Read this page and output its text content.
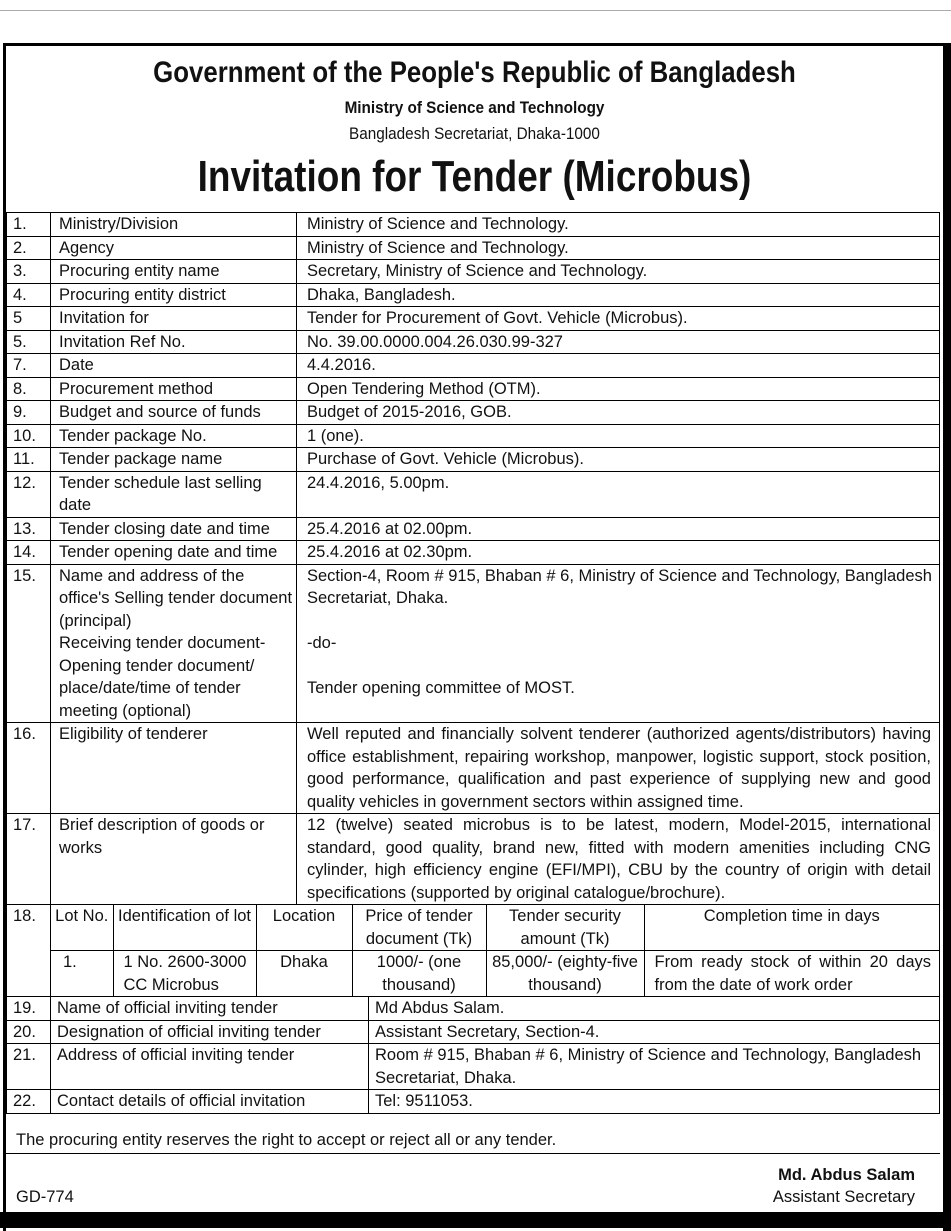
Government of the People's Republic of Bangladesh
Ministry of Science and Technology
Bangladesh Secretariat, Dhaka-1000
Invitation for Tender (Microbus)
1.	Ministry/Division	Ministry of Science and Technology.
2.	Agency	Ministry of Science and Technology.
3.	Procuring entity name	Secretary, Ministry of Science and Technology.
4.	Procuring entity district	Dhaka, Bangladesh.
5	Invitation for	Tender for Procurement of Govt. Vehicle (Microbus).
5.	Invitation Ref No.	No. 39.00.0000.004.26.030.99-327
7.	Date	4.4.2016.
8.	Procurement method	Open Tendering Method (OTM).
9.	Budget and source of funds	Budget of 2015-2016, GOB.
10.	Tender package No.	1 (one).
11.	Tender package name	Purchase of Govt. Vehicle (Microbus).
12.	Tender schedule last selling date	24.4.2016, 5.00pm.
13.	Tender closing date and time	25.4.2016 at 02.00pm.
14.	Tender opening date and time	25.4.2016 at 02.30pm.
15.	Name and address of the office's Selling tender document (principal)
Receiving tender document-
Opening tender document/ place/date/time of tender meeting (optional)	Section-4, Room # 915, Bhaban # 6, Ministry of Science and Technology, Bangladesh Secretariat, Dhaka.

-do-

Tender opening committee of MOST.
16.	Eligibility of tenderer	Well reputed and financially solvent tenderer (authorized agents/distributors) having office establishment, repairing workshop, manpower, logistic support, stock position, good performance, qualification and past experience of supplying new and good quality vehicles in government sectors within assigned time.
17.	Brief description of goods or works	12 (twelve) seated microbus is to be latest, modern, Model-2015, international standard, good quality, brand new, fitted with modern amenities including CNG cylinder, high efficiency engine (EFI/MPI), CBU by the country of origin with detail specifications (supported by original catalogue/brochure).
18.	Lot No.	Identification of lot	Location	Price of tender document (Tk)	Tender security amount (Tk)	Completion time in days
1.	1 No. 2600-3000 CC Microbus	Dhaka	1000/- (one thousand)	85,000/- (eighty-five thousand)	From ready stock of within 20 days from the date of work order
19.	Name of official inviting tender	Md Abdus Salam.
20.	Designation of official inviting tender	Assistant Secretary, Section-4.
21.	Address of official inviting tender	Room # 915, Bhaban # 6, Ministry of Science and Technology, Bangladesh Secretariat, Dhaka.
22.	Contact details of official invitation	Tel: 9511053.
The procuring entity reserves the right to accept or reject all or any tender.
GD-774
Md. Abdus Salam
Assistant Secretary
